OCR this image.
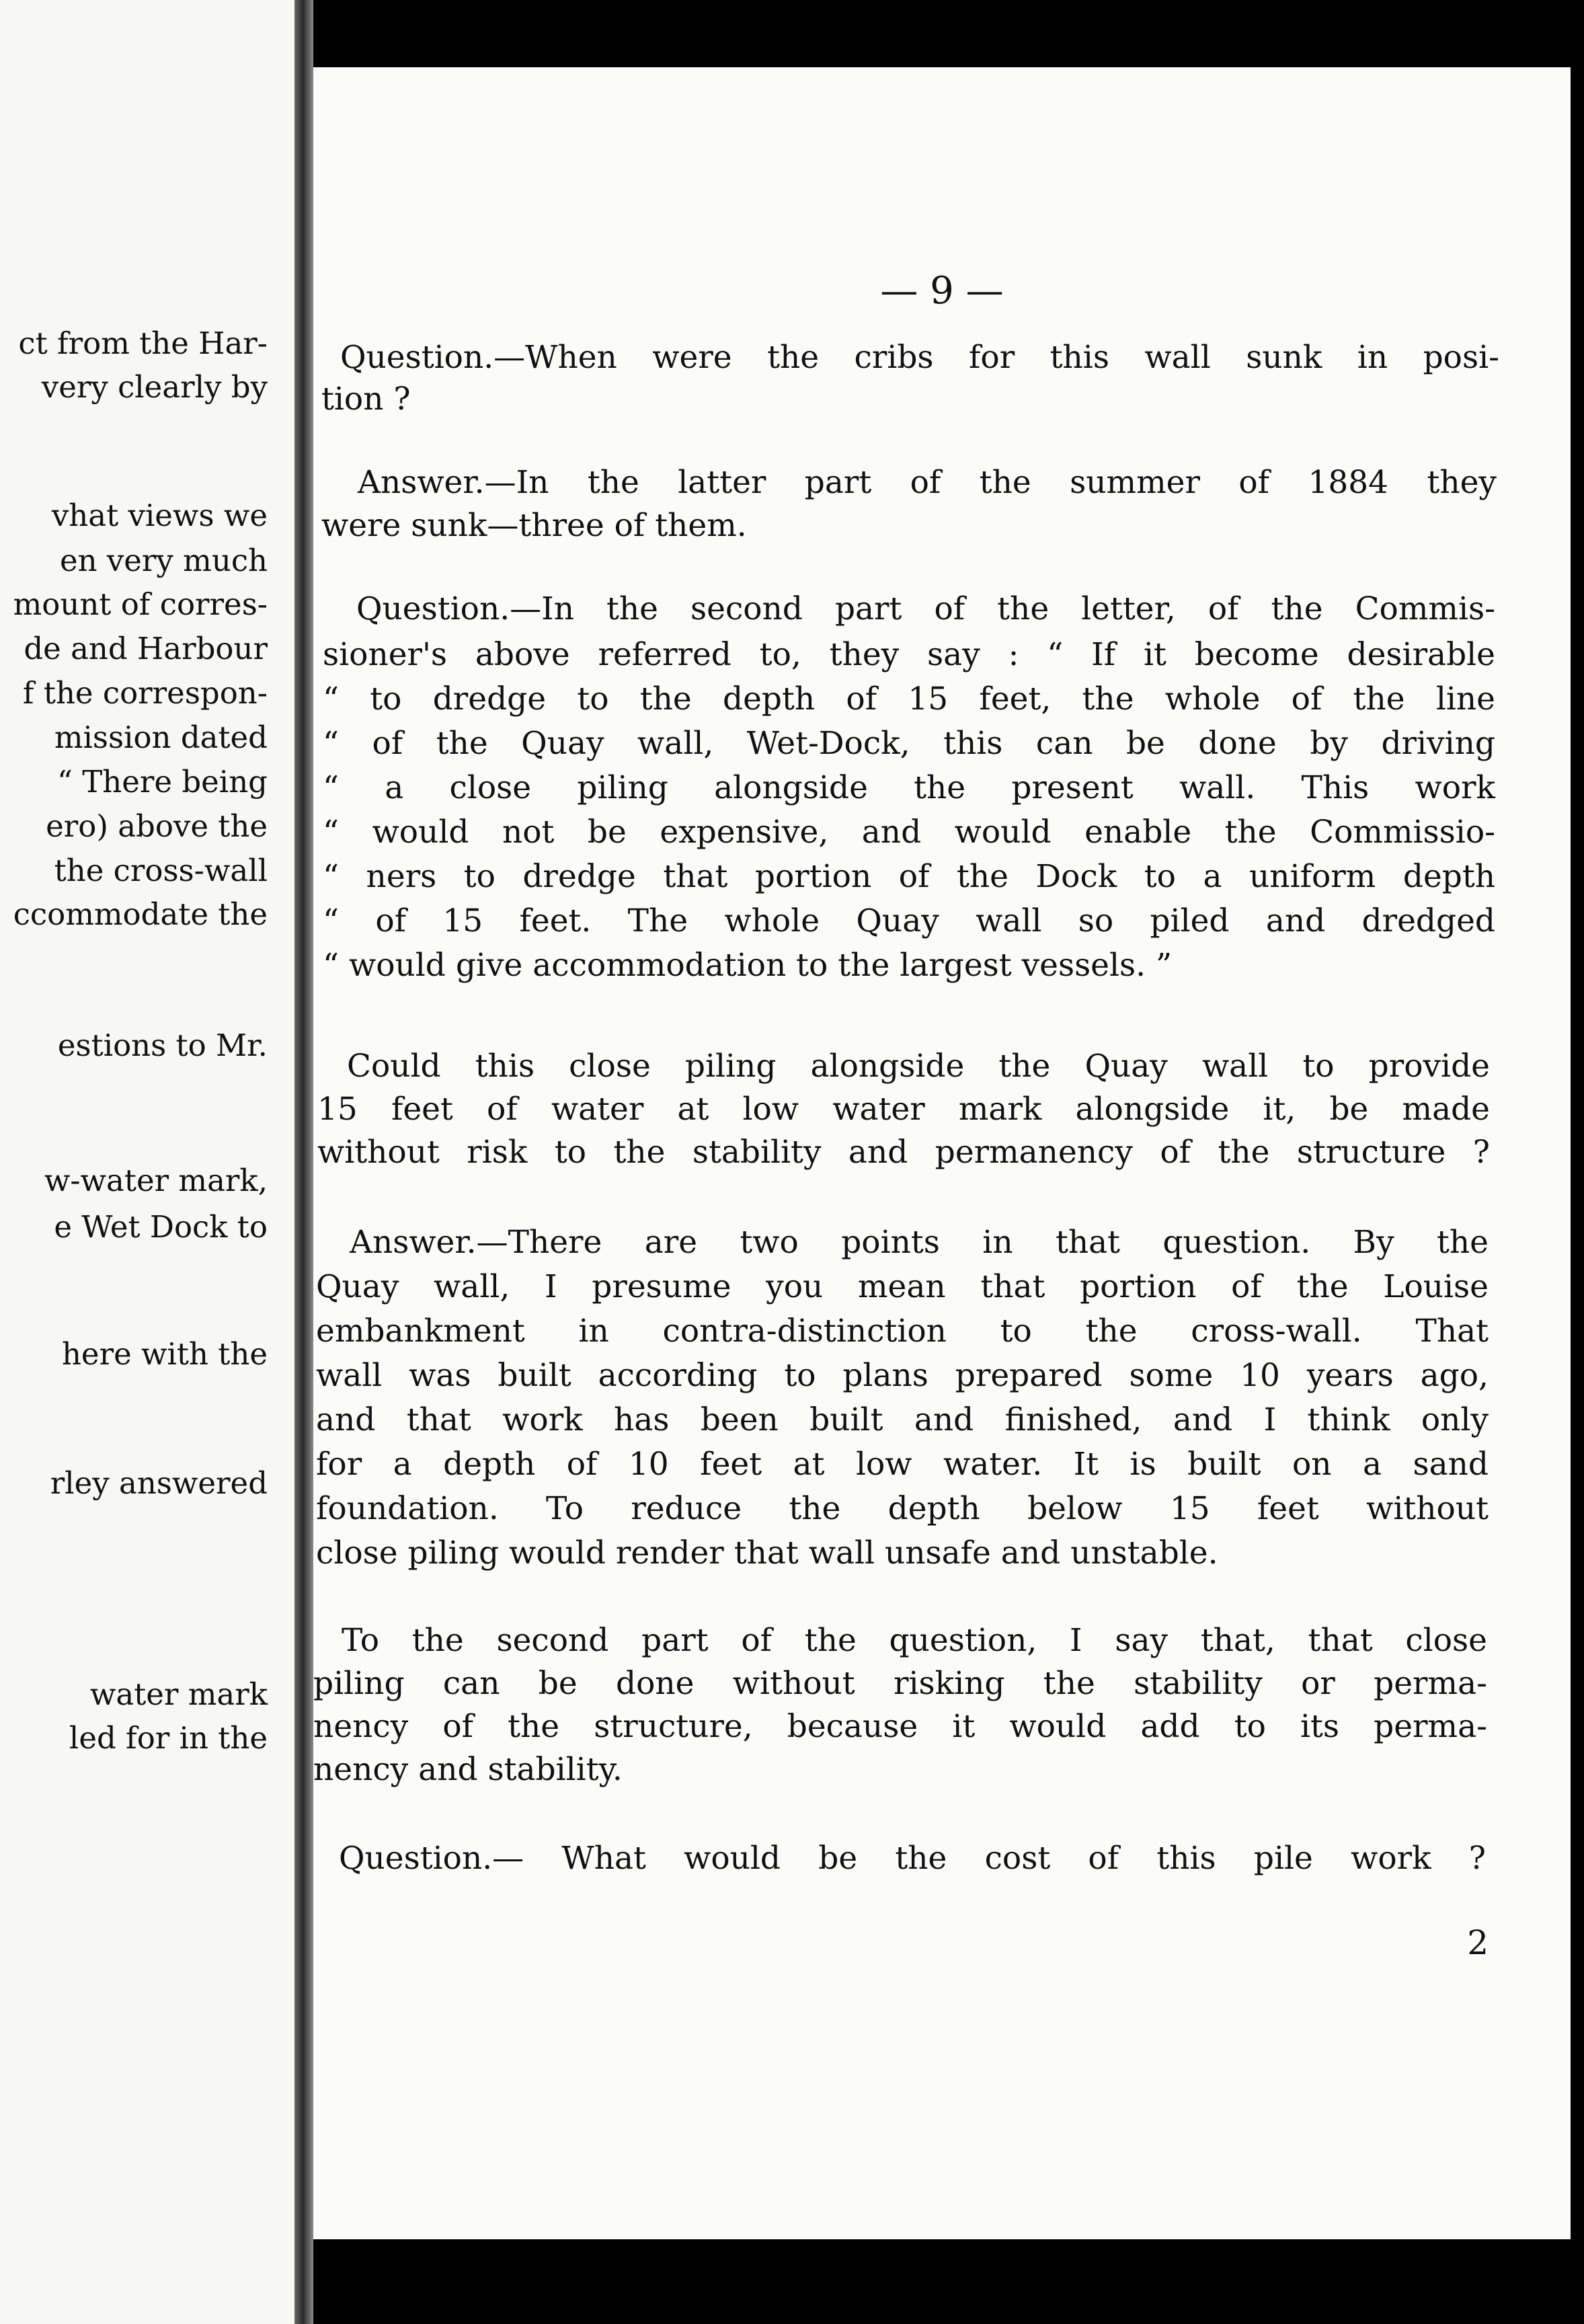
ct from the Har-
very clearly by
vhat views we
en very much
mount of corres-
de and Harbour
f the correspon-
mission dated
“ There being
ero) above the
the cross-wall
ccommodate the
estions to Mr.
w-water mark,
e Wet Dock to
here with the
rley answered
water mark
led for in the
— 9 —
Question.—When were the cribs for this wall sunk in posi-
tion ?
Answer.—In the latter part of the summer of 1884 they
were sunk—three of them.
Question.—In the second part of the letter, of the Commis-
sioner's above referred to, they say : “ If it become desirable
“ to dredge to the depth of 15 feet, the whole of the line
“ of the Quay wall, Wet-Dock, this can be done by driving
“ a close piling alongside the present wall. This work
“ would not be expensive, and would enable the Commissio-
“ ners to dredge that portion of the Dock to a uniform depth
“ of 15 feet. The whole Quay wall so piled and dredged
“ would give accommodation to the largest vessels. ”
Could this close piling alongside the Quay wall to provide
15 feet of water at low water mark alongside it, be made
without risk to the stability and permanency of the structure ?
Answer.—There are two points in that question. By the
Quay wall, I presume you mean that portion of the Louise
embankment in contra-distinction to the cross-wall. That
wall was built according to plans prepared some 10 years ago,
and that work has been built and finished, and I think only
for a depth of 10 feet at low water. It is built on a sand
foundation. To reduce the depth below 15 feet without
close piling would render that wall unsafe and unstable.
To the second part of the question, I say that, that close
piling can be done without risking the stability or perma-
nency of the structure, because it would add to its perma-
nency and stability.
Question.— What would be the cost of this pile work ?
2
